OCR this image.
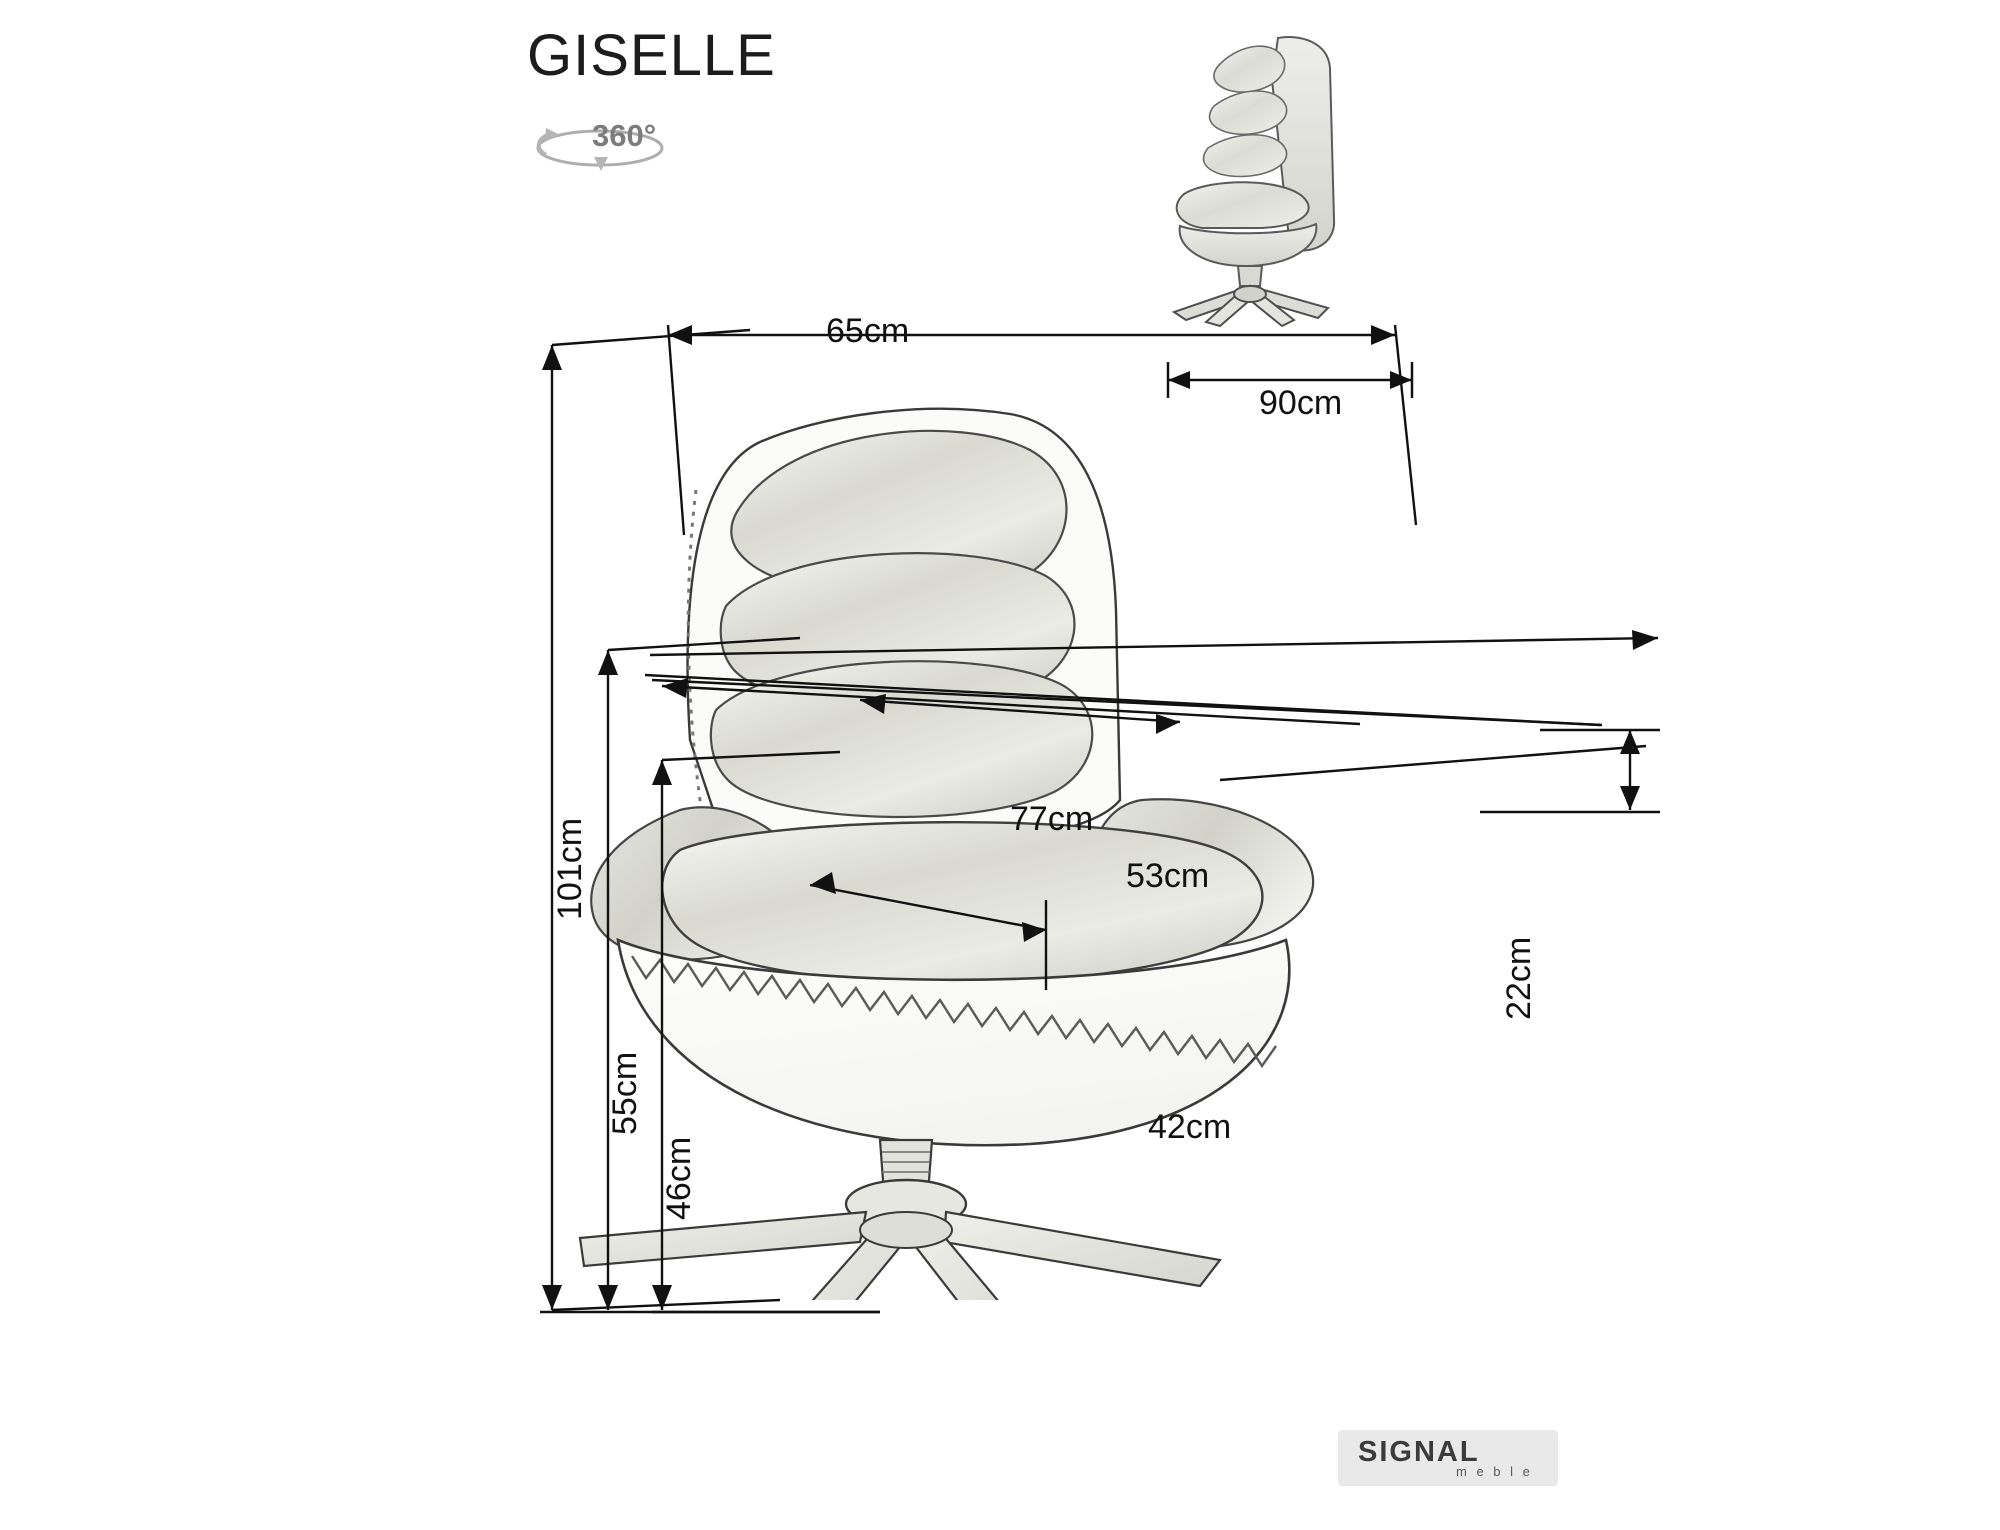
GISELLE
360°
90cm
65cm
101cm
55cm
46cm
77cm
53cm
22cm
42cm
SIGNAL
m e b l e
